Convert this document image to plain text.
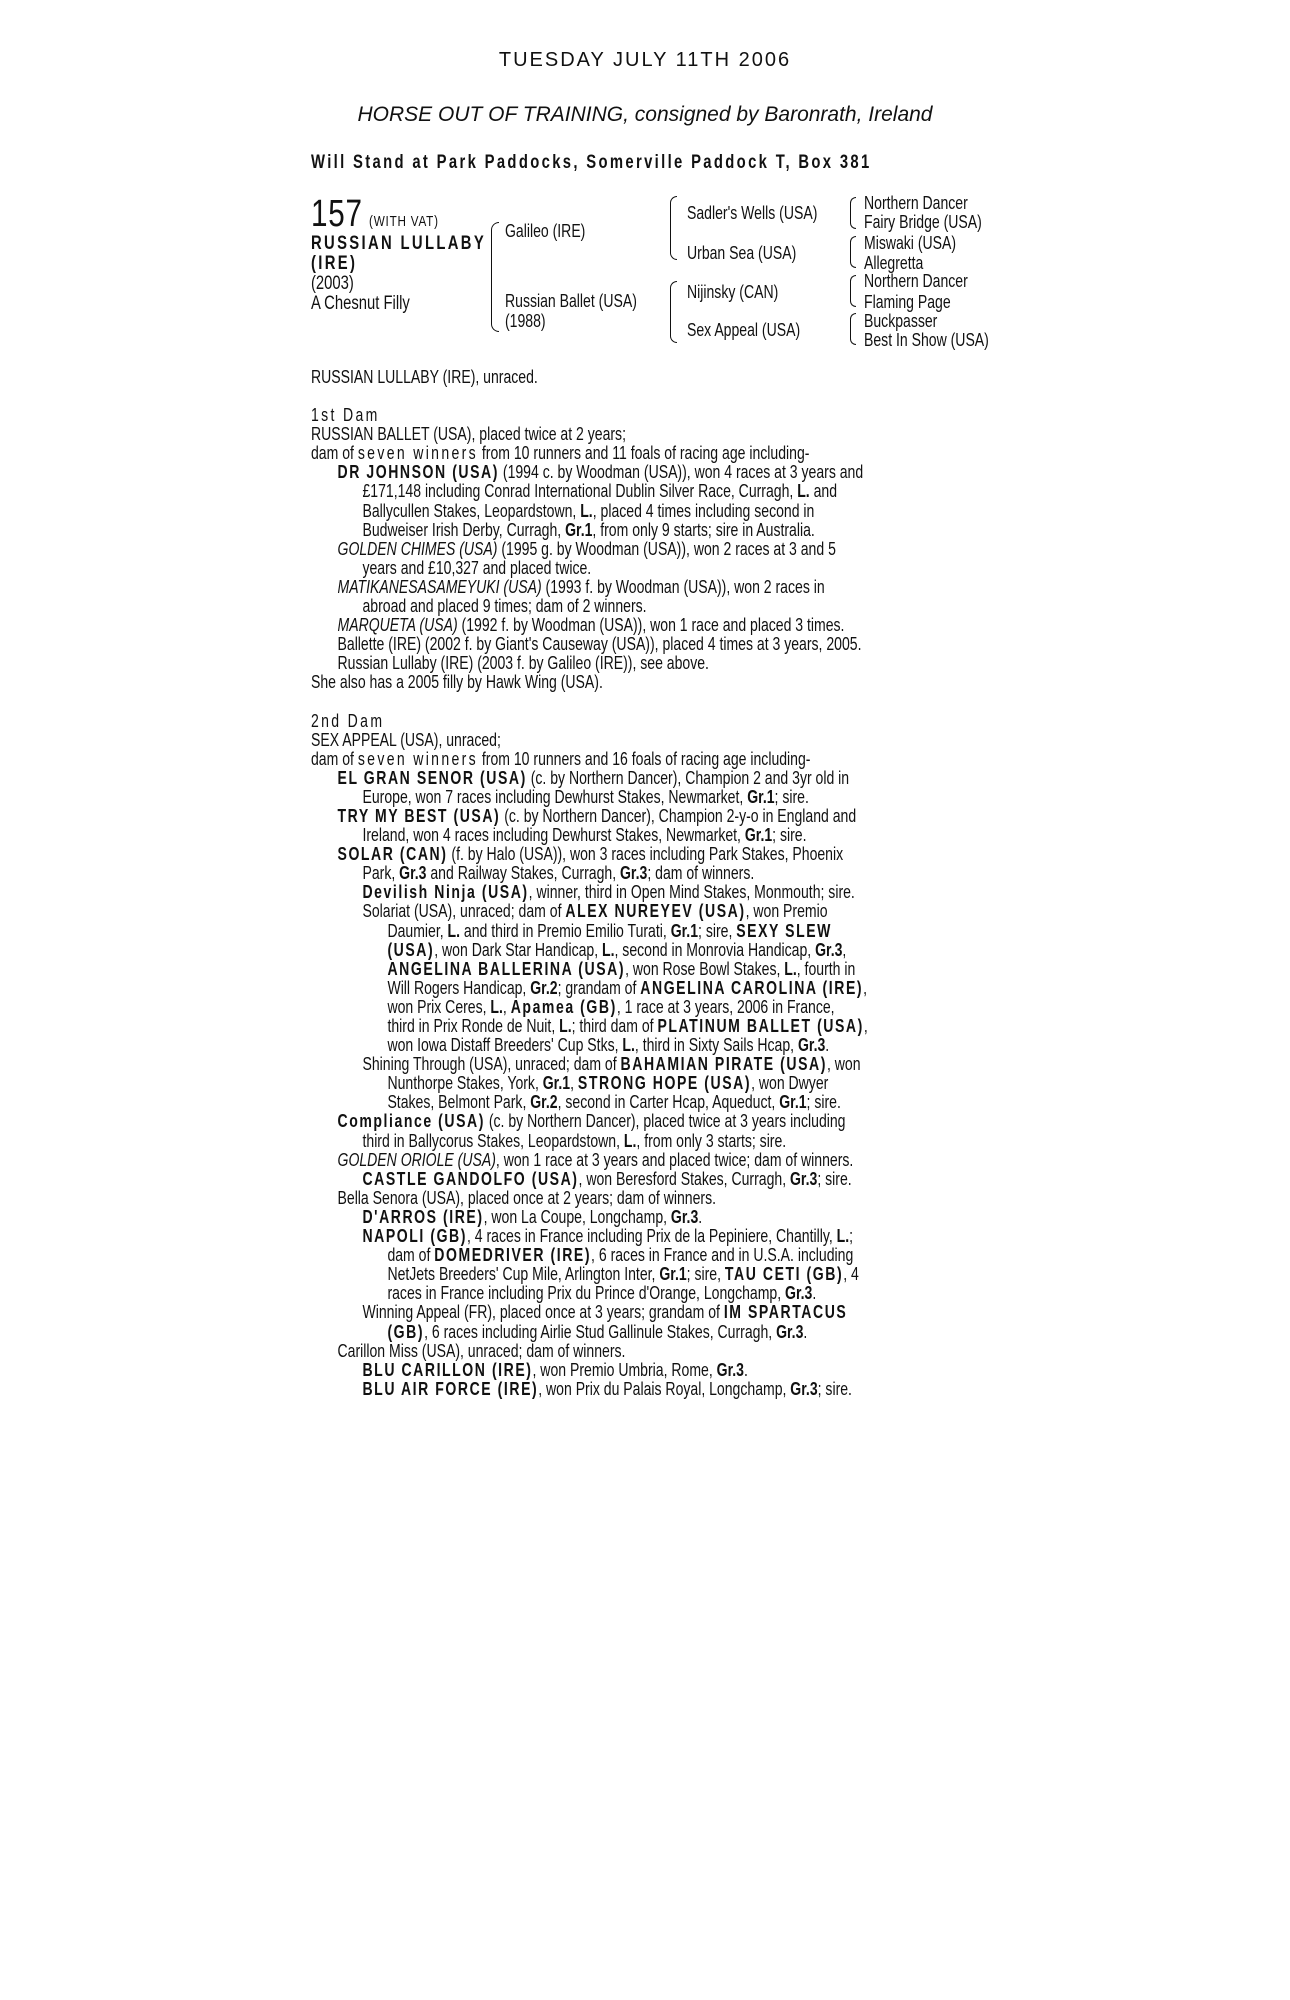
TUESDAY JULY 11TH 2006
HORSE OUT OF TRAINING, consigned by Baronrath, Ireland
Will Stand at Park Paddocks, Somerville Paddock T, Box 381
157 (WITH VAT)
RUSSIAN LULLABY
(IRE)
(2003)
A Chesnut Filly
Galileo (IRE)
Russian Ballet (USA)
(1988)
Sadler's Wells (USA)
Urban Sea (USA)
Nijinsky (CAN)
Sex Appeal (USA)
Northern Dancer
Fairy Bridge (USA)
Miswaki (USA)
Allegretta
Northern Dancer
Flaming Page
Buckpasser
Best In Show (USA)
RUSSIAN LULLABY (IRE), unraced.
1st Dam
RUSSIAN BALLET (USA), placed twice at 2 years;
dam of seven winners from 10 runners and 11 foals of racing age including-
DR JOHNSON (USA) (1994 c. by Woodman (USA)), won 4 races at 3 years and
£171,148 including Conrad International Dublin Silver Race, Curragh, L. and
Ballycullen Stakes, Leopardstown, L., placed 4 times including second in
Budweiser Irish Derby, Curragh, Gr.1, from only 9 starts; sire in Australia.
GOLDEN CHIMES (USA) (1995 g. by Woodman (USA)), won 2 races at 3 and 5
years and £10,327 and placed twice.
MATIKANESASAMEYUKI (USA) (1993 f. by Woodman (USA)), won 2 races in
abroad and placed 9 times; dam of 2 winners.
MARQUETA (USA) (1992 f. by Woodman (USA)), won 1 race and placed 3 times.
Ballette (IRE) (2002 f. by Giant's Causeway (USA)), placed 4 times at 3 years, 2005.
Russian Lullaby (IRE) (2003 f. by Galileo (IRE)), see above.
She also has a 2005 filly by Hawk Wing (USA).
2nd Dam
SEX APPEAL (USA), unraced;
dam of seven winners from 10 runners and 16 foals of racing age including-
EL GRAN SENOR (USA) (c. by Northern Dancer), Champion 2 and 3yr old in
Europe, won 7 races including Dewhurst Stakes, Newmarket, Gr.1; sire.
TRY MY BEST (USA) (c. by Northern Dancer), Champion 2-y-o in England and
Ireland, won 4 races including Dewhurst Stakes, Newmarket, Gr.1; sire.
SOLAR (CAN) (f. by Halo (USA)), won 3 races including Park Stakes, Phoenix
Park, Gr.3 and Railway Stakes, Curragh, Gr.3; dam of winners.
Devilish Ninja (USA), winner, third in Open Mind Stakes, Monmouth; sire.
Solariat (USA), unraced; dam of ALEX NUREYEV (USA), won Premio
Daumier, L. and third in Premio Emilio Turati, Gr.1; sire, SEXY SLEW
(USA), won Dark Star Handicap, L., second in Monrovia Handicap, Gr.3,
ANGELINA BALLERINA (USA), won Rose Bowl Stakes, L., fourth in
Will Rogers Handicap, Gr.2; grandam of ANGELINA CAROLINA (IRE),
won Prix Ceres, L., Apamea (GB), 1 race at 3 years, 2006 in France,
third in Prix Ronde de Nuit, L.; third dam of PLATINUM BALLET (USA),
won Iowa Distaff Breeders' Cup Stks, L., third in Sixty Sails Hcap, Gr.3.
Shining Through (USA), unraced; dam of BAHAMIAN PIRATE (USA), won
Nunthorpe Stakes, York, Gr.1, STRONG HOPE (USA), won Dwyer
Stakes, Belmont Park, Gr.2, second in Carter Hcap, Aqueduct, Gr.1; sire.
Compliance (USA) (c. by Northern Dancer), placed twice at 3 years including
third in Ballycorus Stakes, Leopardstown, L., from only 3 starts; sire.
GOLDEN ORIOLE (USA), won 1 race at 3 years and placed twice; dam of winners.
CASTLE GANDOLFO (USA), won Beresford Stakes, Curragh, Gr.3; sire.
Bella Senora (USA), placed once at 2 years; dam of winners.
D'ARROS (IRE), won La Coupe, Longchamp, Gr.3.
NAPOLI (GB), 4 races in France including Prix de la Pepiniere, Chantilly, L.;
dam of DOMEDRIVER (IRE), 6 races in France and in U.S.A. including
NetJets Breeders' Cup Mile, Arlington Inter, Gr.1; sire, TAU CETI (GB), 4
races in France including Prix du Prince d'Orange, Longchamp, Gr.3.
Winning Appeal (FR), placed once at 3 years; grandam of IM SPARTACUS
(GB), 6 races including Airlie Stud Gallinule Stakes, Curragh, Gr.3.
Carillon Miss (USA), unraced; dam of winners.
BLU CARILLON (IRE), won Premio Umbria, Rome, Gr.3.
BLU AIR FORCE (IRE), won Prix du Palais Royal, Longchamp, Gr.3; sire.
